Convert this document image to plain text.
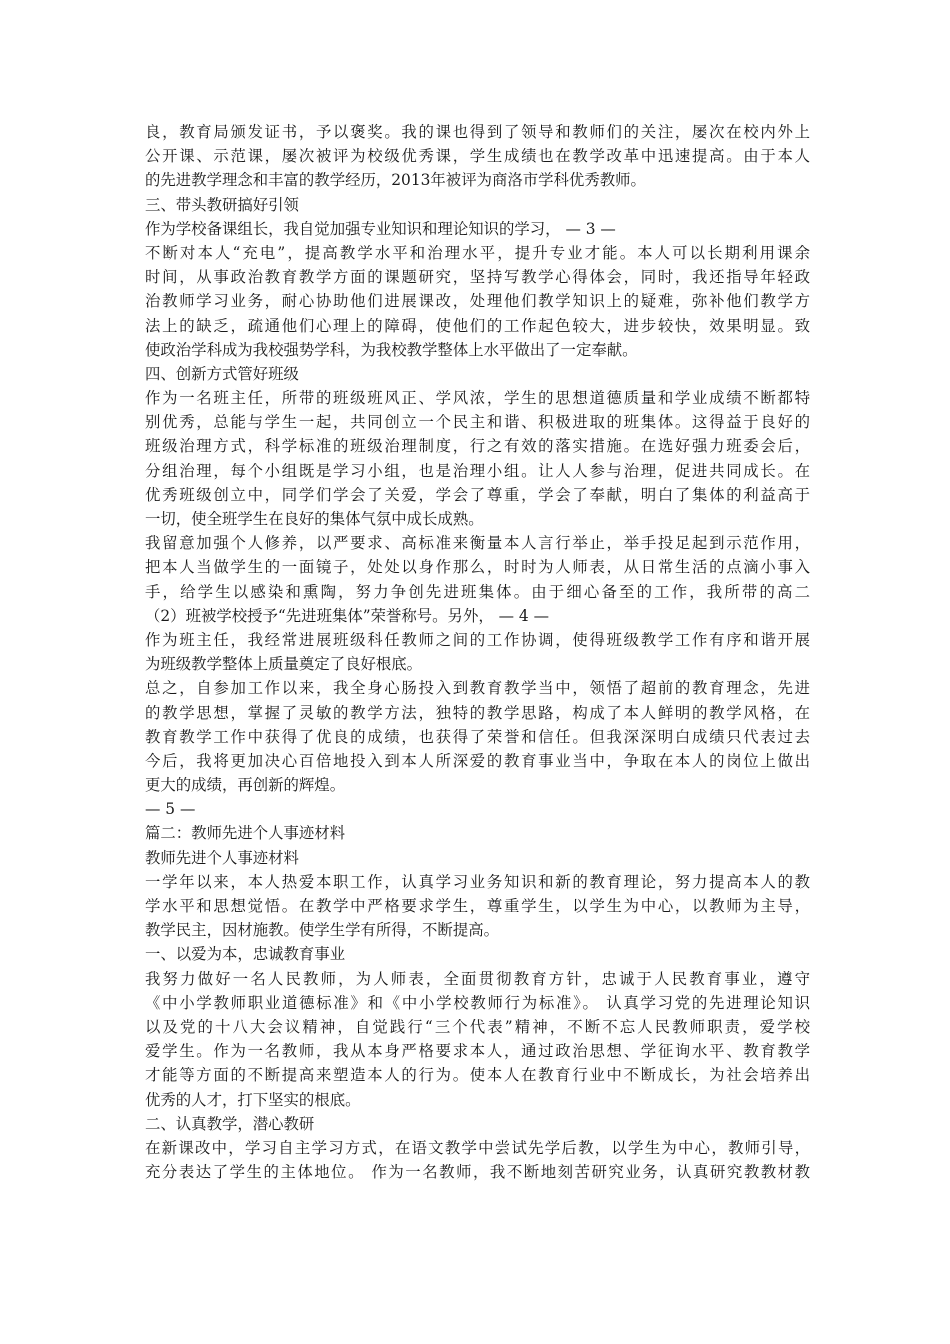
良，教育局颁发证书，予以褒奖。我的课也得到了领导和教师们的关注，屡次在校内外上
公开课、示范课，屡次被评为校级优秀课，学生成绩也在教学改革中迅速提高。由于本人
的先进教学理念和丰富的教学经历，2013年被评为商洛市学科优秀教师。
三、带头教研搞好引领
作为学校备课组长，我自觉加强专业知识和理论知识的学习， — 3 —
不断对本人“充电”，提高教学水平和治理水平，提升专业才能。本人可以长期利用课余
时间，从事政治教育教学方面的课题研究，坚持写教学心得体会，同时，我还指导年轻政
治教师学习业务，耐心协助他们进展课改，处理他们教学知识上的疑难，弥补他们教学方
法上的缺乏，疏通他们心理上的障碍，使他们的工作起色较大，进步较快，效果明显。致
使政治学科成为我校强势学科，为我校教学整体上水平做出了一定奉献。
四、创新方式管好班级
作为一名班主任，所带的班级班风正、学风浓，学生的思想道德质量和学业成绩不断都特
别优秀，总能与学生一起，共同创立一个民主和谐、积极进取的班集体。这得益于良好的
班级治理方式，科学标准的班级治理制度，行之有效的落实措施。在选好强力班委会后，
分组治理，每个小组既是学习小组，也是治理小组。让人人参与治理，促进共同成长。在
优秀班级创立中，同学们学会了关爱，学会了尊重，学会了奉献，明白了集体的利益高于
一切，使全班学生在良好的集体气氛中成长成熟。
我留意加强个人修养，以严要求、高标准来衡量本人言行举止，举手投足起到示范作用，
把本人当做学生的一面镜子，处处以身作那么，时时为人师表，从日常生活的点滴小事入
手，给学生以感染和熏陶，努力争创先进班集体。由于细心备至的工作，我所带的高二
（2）班被学校授予“先进班集体”荣誉称号。另外， — 4 —
作为班主任，我经常进展班级科任教师之间的工作协调，使得班级教学工作有序和谐开展
为班级教学整体上质量奠定了良好根底。
总之，自参加工作以来，我全身心肠投入到教育教学当中，领悟了超前的教育理念，先进
的教学思想，掌握了灵敏的教学方法，独特的教学思路，构成了本人鲜明的教学风格，在
教育教学工作中获得了优良的成绩，也获得了荣誉和信任。但我深深明白成绩只代表过去
今后，我将更加决心百倍地投入到本人所深爱的教育事业当中，争取在本人的岗位上做出
更大的成绩，再创新的辉煌。
— 5 —
篇二：教师先进个人事迹材料
教师先进个人事迹材料
一学年以来，本人热爱本职工作，认真学习业务知识和新的教育理论，努力提高本人的教
学水平和思想觉悟。在教学中严格要求学生，尊重学生，以学生为中心，以教师为主导，
教学民主，因材施教。使学生学有所得，不断提高。
一、以爱为本，忠诚教育事业
我努力做好一名人民教师，为人师表，全面贯彻教育方针，忠诚于人民教育事业，遵守
《中小学教师职业道德标准》和《中小学校教师行为标准》。 认真学习党的先进理论知识
以及党的十八大会议精神，自觉践行“三个代表”精神，不断不忘人民教师职责，爱学校
爱学生。作为一名教师，我从本身严格要求本人，通过政治思想、学征询水平、教育教学
才能等方面的不断提高来塑造本人的行为。使本人在教育行业中不断成长，为社会培养出
优秀的人才，打下坚实的根底。
二、认真教学，潜心教研
在新课改中，学习自主学习方式，在语文教学中尝试先学后教，以学生为中心，教师引导，
充分表达了学生的主体地位。 作为一名教师，我不断地刻苦研究业务，认真研究教教材教
